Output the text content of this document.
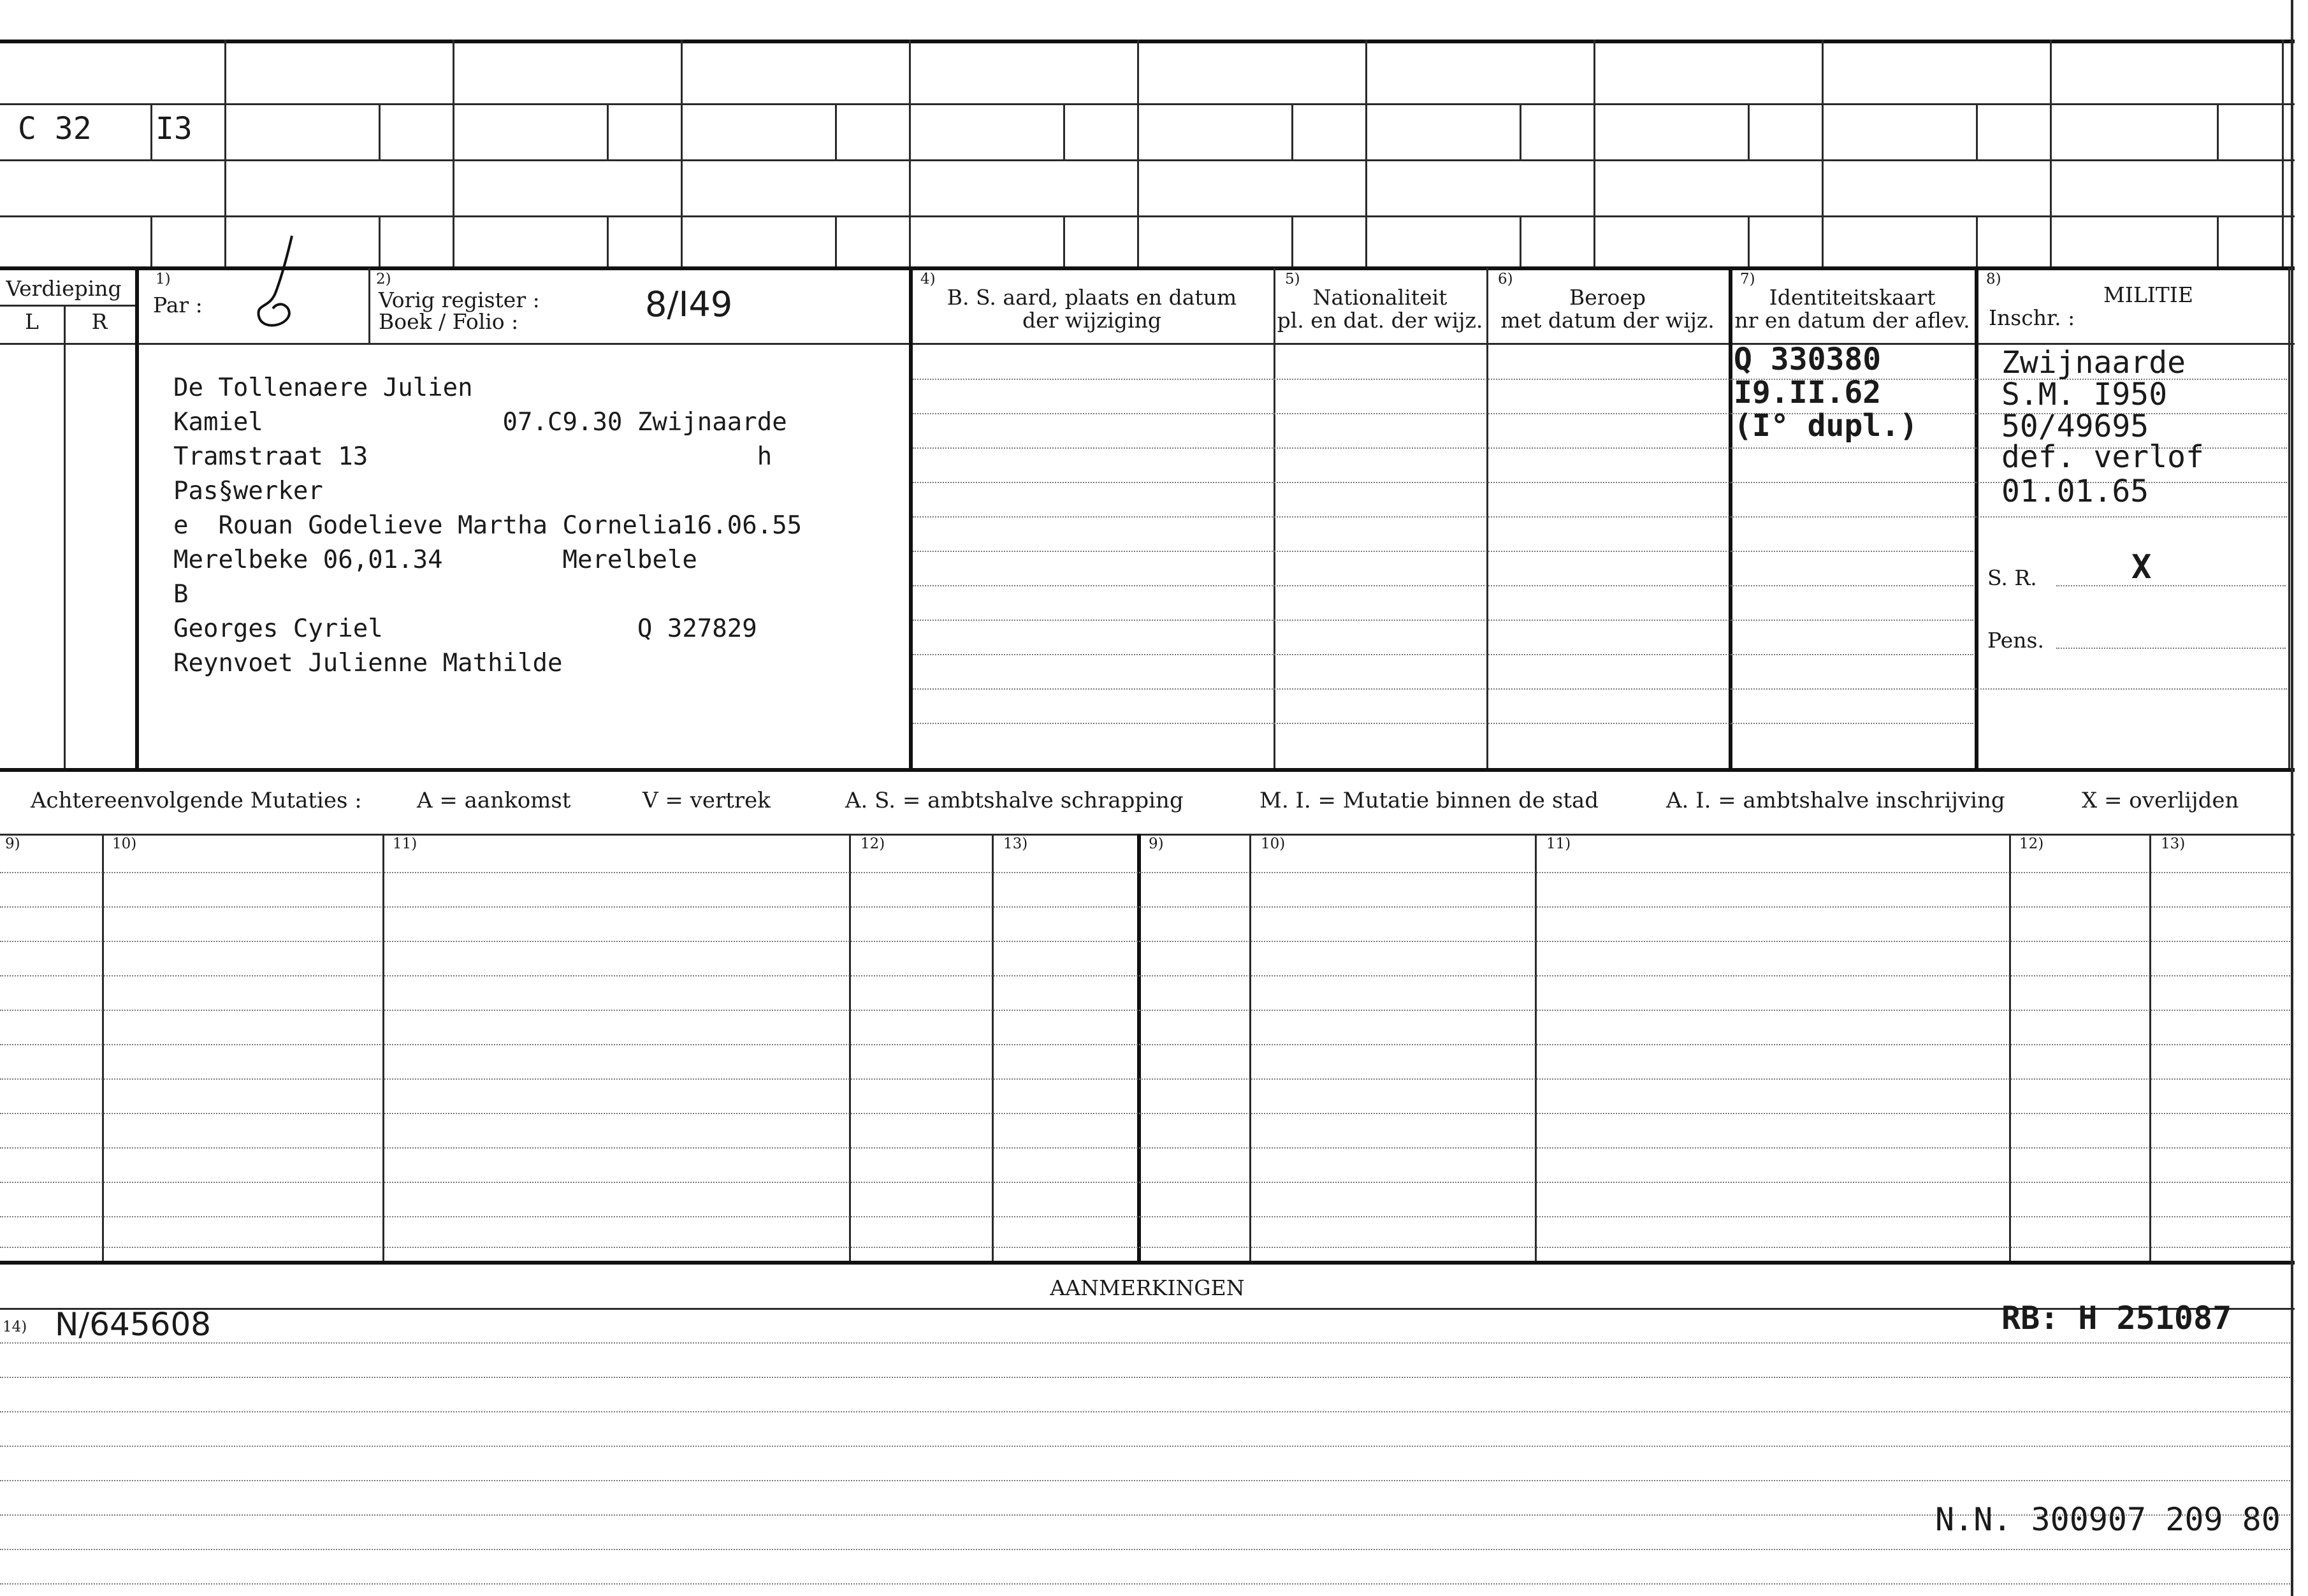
C 32 I3
Verdieping
L	R
1)
Par :
2)
Vorig register :
Boek / Folio :	8/I49
4)
B. S. aard, plaats en datum
der wijziging
5)
Nationaliteit
pl. en dat. der wijz.
6)
Beroep
met datum der wijz.
7)
Identiteitskaart
nr en datum der aflev.
8)
MILITIE
Inschr. :
De Tollenaere Julien
Kamiel                07.C9.30 Zwijnaarde
Tramstraat 13                          h
Pas§werker
e  Rouan Godelieve Martha Cornelia16.06.55
Merelbeke 06,01.34        Merelbele
B
Georges Cyriel                 Q 327829
Reynvoet Julienne Mathilde
Q 330380
I9.II.62
(I° dupl.)
Zwijnaarde
S.M. I950
50/49695
def. verlof
01.01.65
S. R.	X
Pens.
Achtereenvolgende Mutaties :	A = aankomst	V = vertrek	A. S. = ambtshalve schrapping	M. I. = Mutatie binnen de stad	A. I. = ambtshalve inschrijving	X = overlijden
9)	10)	11)	12)	13)	9)	10)	11)	12)	13)
AANMERKINGEN
14) N/645608	RB: H 251087
N.N. 300907 209 80
